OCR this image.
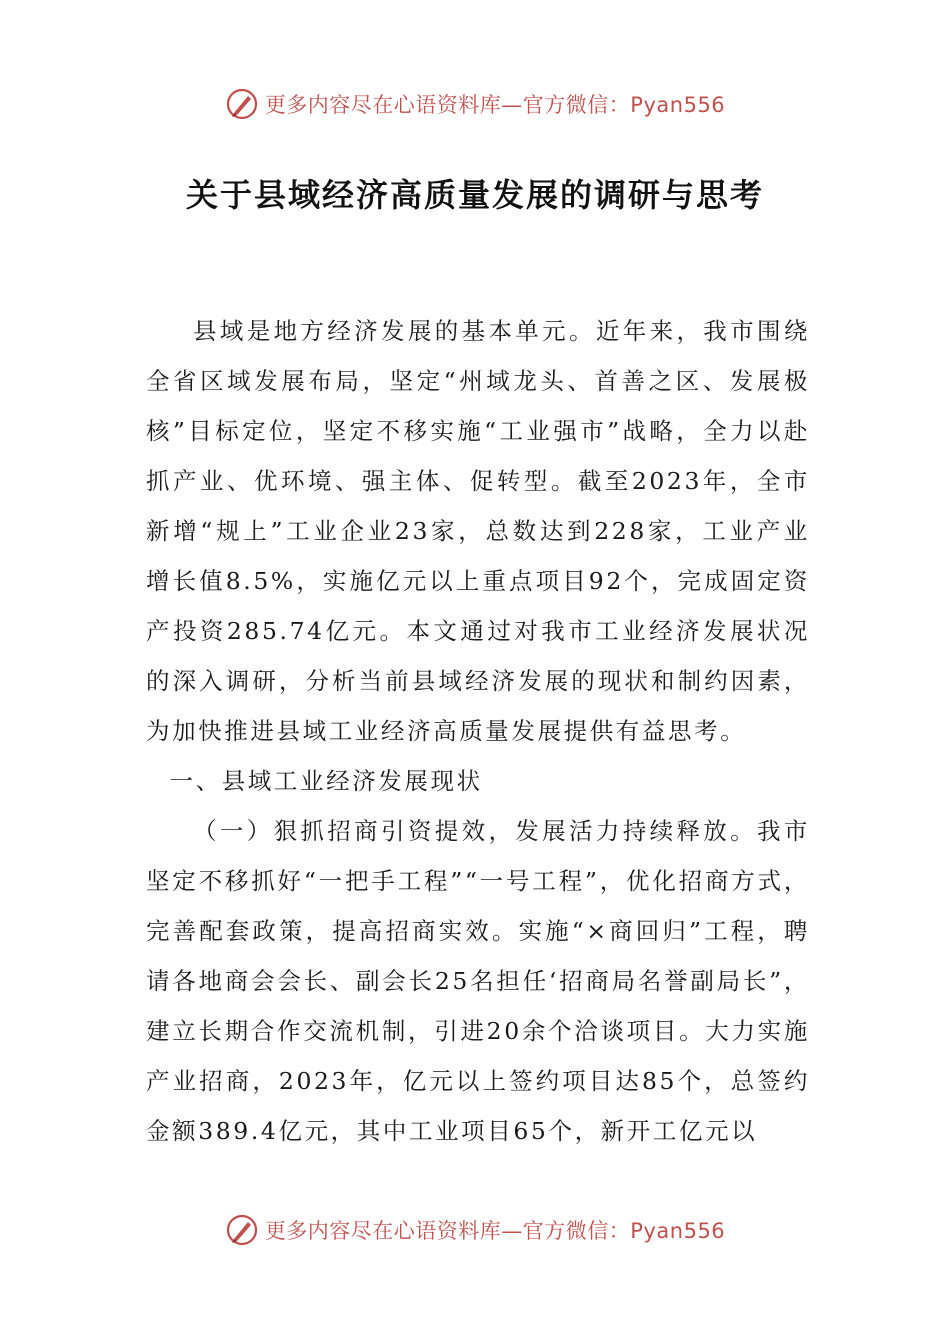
更多内容尽在心语资料库—官方微信：Pyan556
关于县域经济高质量发展的调研与思考

县域是地方经济发展的基本单元。近年来，我市围绕全省区域发展布局，坚定“州域龙头、首善之区、发展极核”目标定位，坚定不移实施“工业强市”战略，全力以赴抓产业、优环境、强主体、促转型。截至2023年，全市新增“规上”工业企业23家，总数达到228家，工业产业增长值8.5%，实施亿元以上重点项目92个，完成固定资产投资285.74亿元。本文通过对我市工业经济发展状况的深入调研，分析当前县域经济发展的现状和制约因素，为加快推进县域工业经济高质量发展提供有益思考。

一、县域工业经济发展现状

（一）狠抓招商引资提效，发展活力持续释放。我市坚定不移抓好“一把手工程”“一号工程”，优化招商方式，完善配套政策，提高招商实效。实施“×商回归”工程，聘请各地商会会长、副会长25名担任‘招商局名誉副局长”，建立长期合作交流机制，引进20余个洽谈项目。大力实施产业招商，2023年，亿元以上签约项目达85个，总签约金额389.4亿元，其中工业项目65个，新开工亿元以

更多内容尽在心语资料库—官方微信：Pyan556
